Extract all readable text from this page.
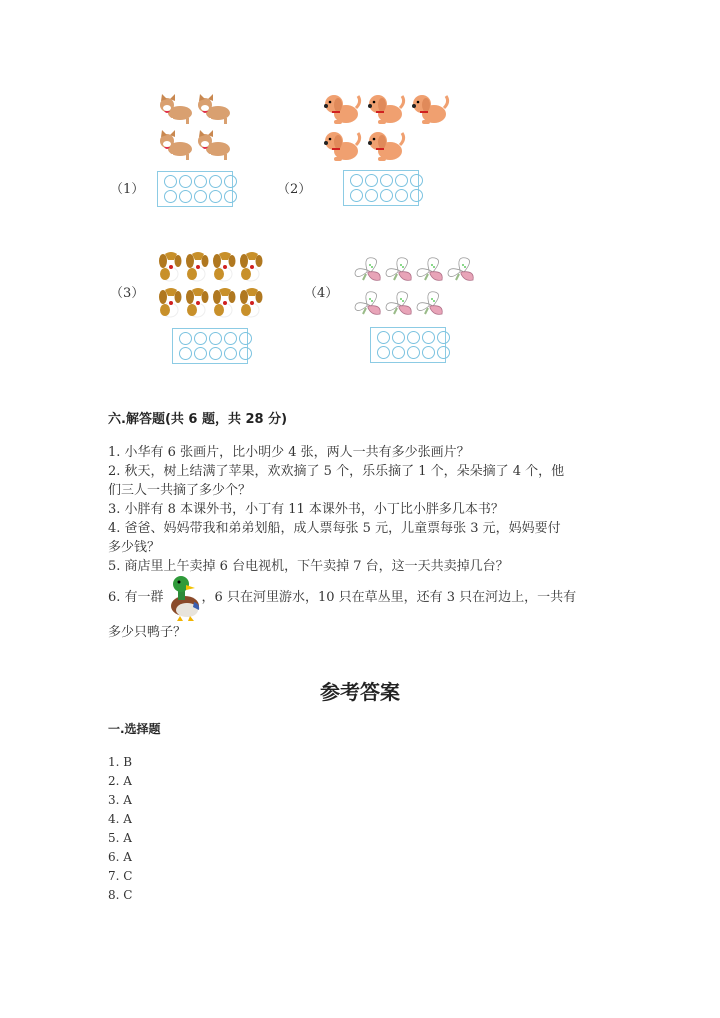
（1）	（2）
（3）	（4）
六.解答题(共 6 题，共 28 分)
1. 小华有 6 张画片，比小明少 4 张，两人一共有多少张画片？
2. 秋天，树上结满了苹果，欢欢摘了 5 个，乐乐摘了 1 个，朵朵摘了 4 个，他
们三人一共摘了多少个？
3. 小胖有 8 本课外书，小丁有 11 本课外书，小丁比小胖多几本书？
4. 爸爸、妈妈带我和弟弟划船，成人票每张 5 元，儿童票每张 3 元，妈妈要付
多少钱？
5. 商店里上午卖掉 6 台电视机，下午卖掉 7 台，这一天共卖掉几台？
6. 有一群	，6 只在河里游水，10 只在草丛里，还有 3 只在河边上，一共有
多少只鸭子？
参考答案
一.选择题
1. B
2. A
3. A
4. A
5. A
6. A
7. C
8. C
